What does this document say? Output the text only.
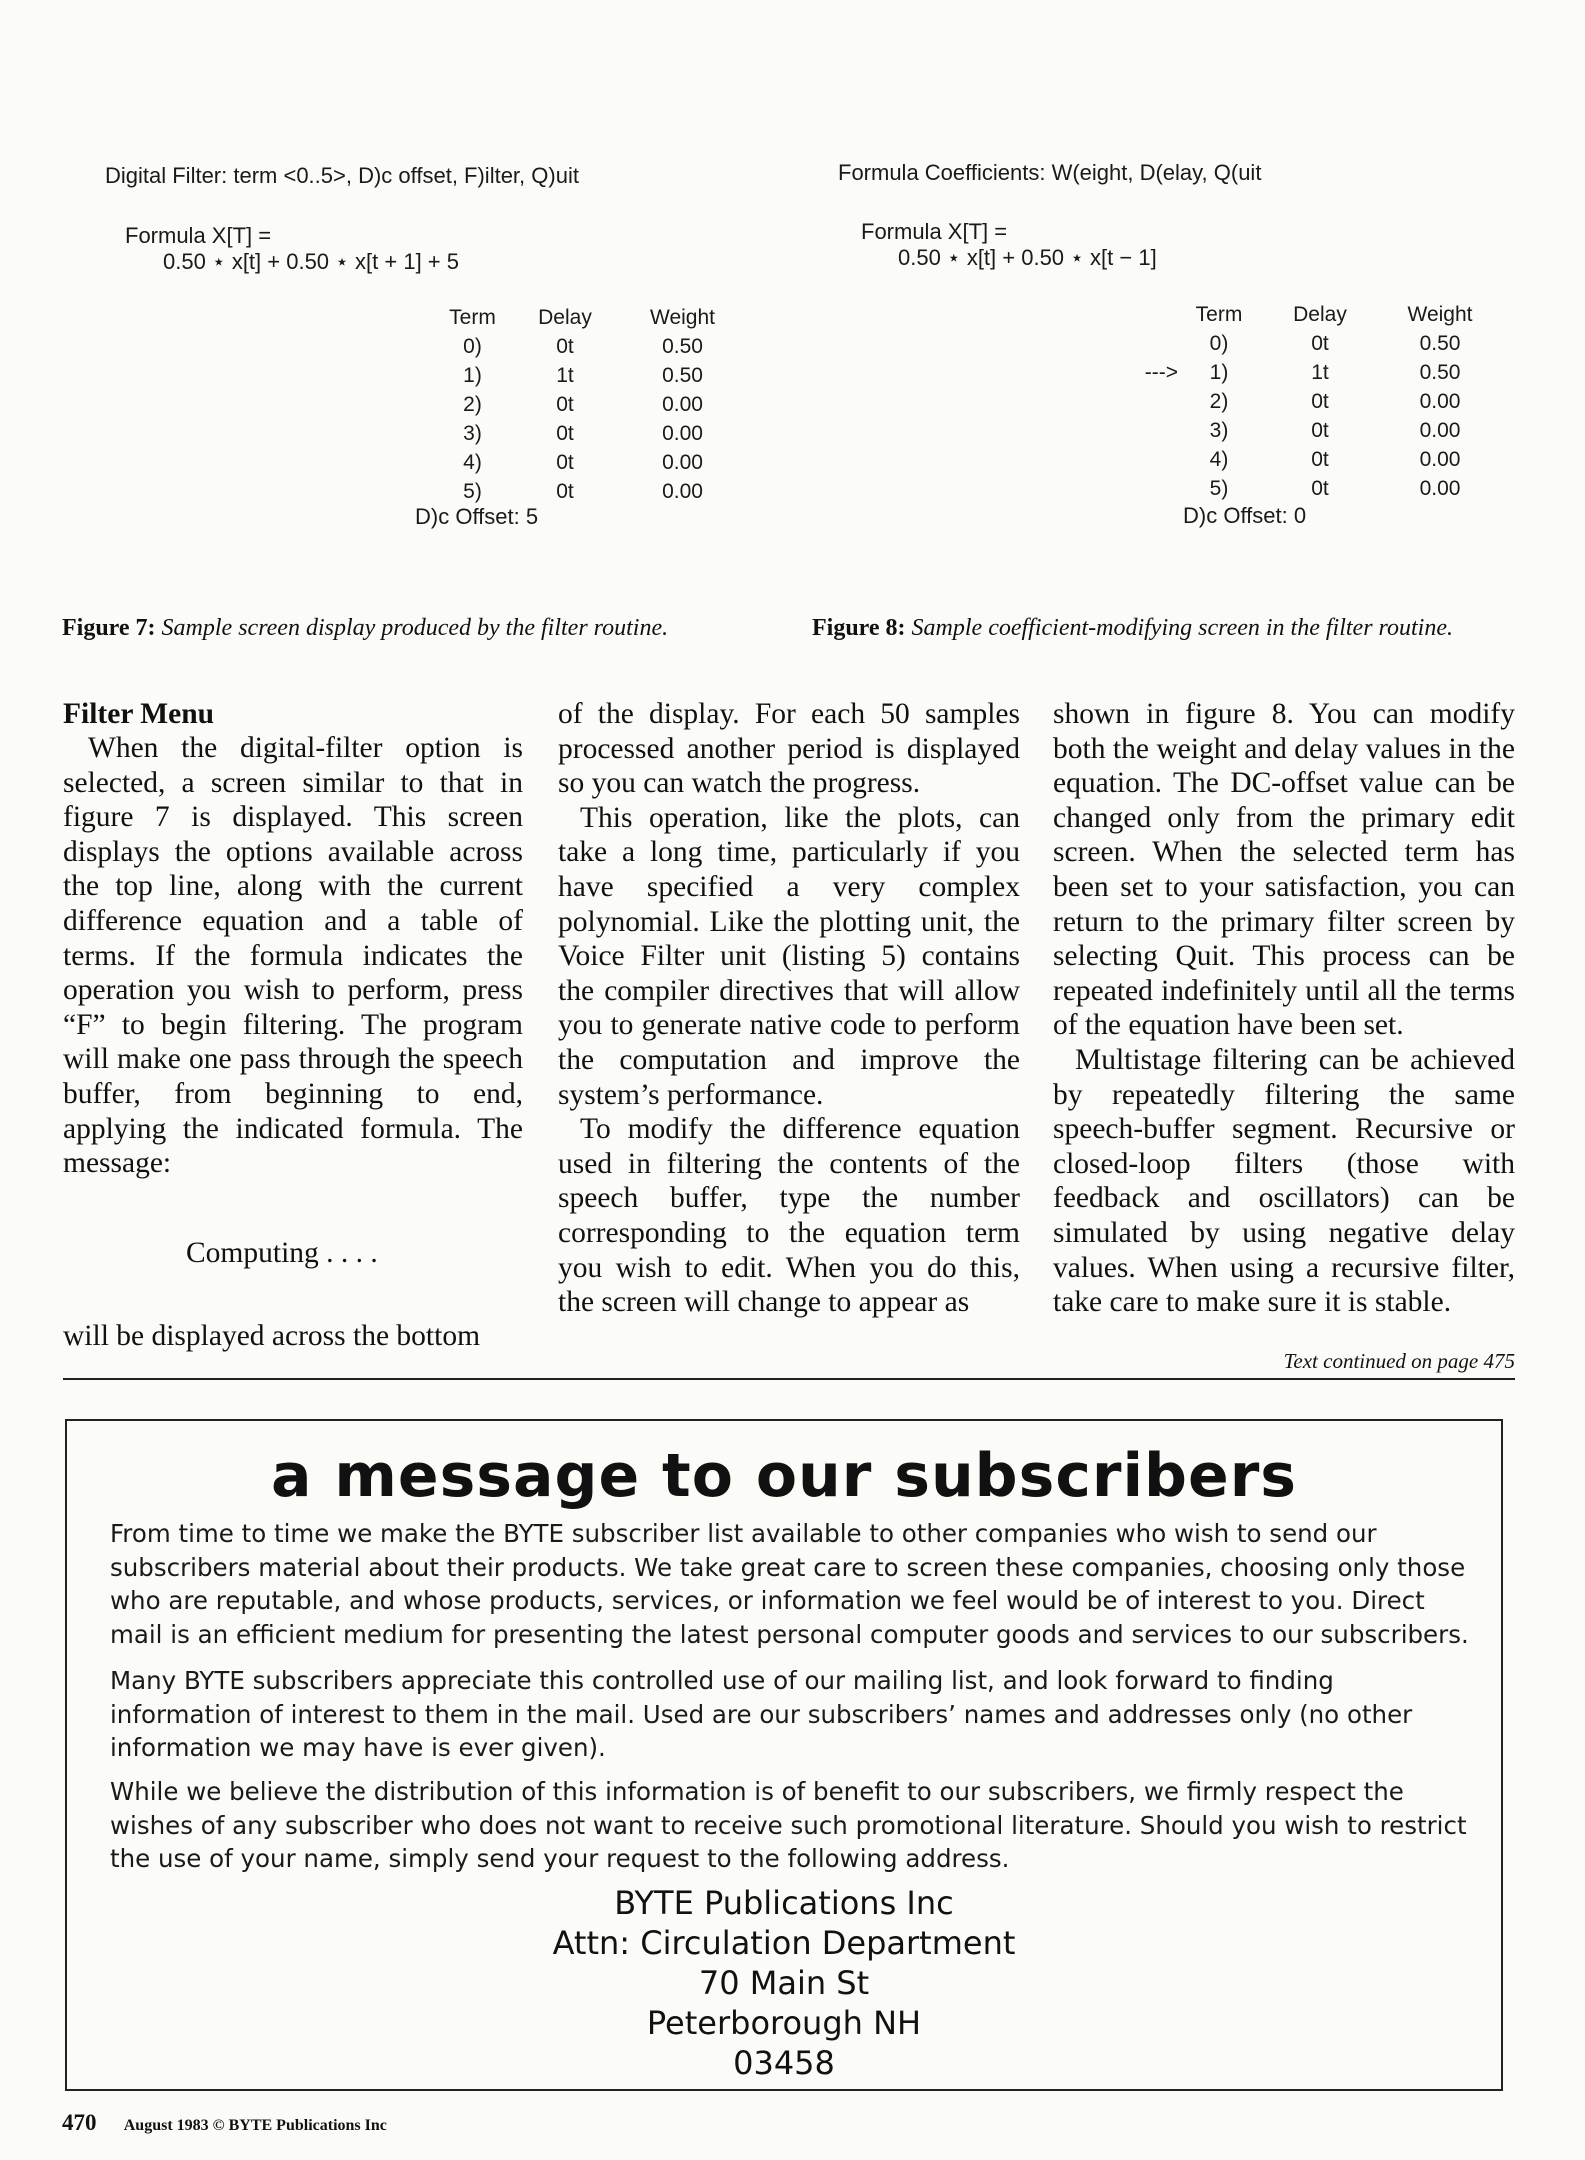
Digital Filter: term <0..5>, D)c offset, F)ilter, Q)uit
Formula X[T] =
0.50 ⋆ x[t] + 0.50 ⋆ x[t + 1] + 5
	Term	Delay	Weight
	0)	0t	0.50
	1)	1t	0.50
	2)	0t	0.00
	3)	0t	0.00
	4)	0t	0.00
	5)	0t	0.00
D)c Offset: 5
Formula Coefficients: W(eight, D(elay, Q(uit
Formula X[T] =
0.50 ⋆ x[t] + 0.50 ⋆ x[t − 1]
	Term	Delay	Weight
	0)	0t	0.50
--->	1)	1t	0.50
	2)	0t	0.00
	3)	0t	0.00
	4)	0t	0.00
	5)	0t	0.00
D)c Offset: 0
Figure 7: Sample screen display produced by the filter routine.	Figure 8: Sample coefficient-modifying screen in the filter routine.
Filter Menu

When the digital-filter option is selected, a screen similar to that in figure 7 is displayed. This screen displays the options available across the top line, along with the current difference equation and a table of terms. If the formula indicates the operation you wish to perform, press “F” to begin filtering. The program will make one pass through the speech buffer, from beginning to end, applying the indicated formula. The message:

Computing . . . .

will be displayed across the bottom

of the display. For each 50 samples processed another period is displayed so you can watch the progress.

This operation, like the plots, can take a long time, particularly if you have specified a very complex polynomial. Like the plotting unit, the Voice Filter unit (listing 5) contains the compiler directives that will allow you to generate native code to perform the computation and improve the system’s performance.

To modify the difference equation used in filtering the contents of the speech buffer, type the number corresponding to the equation term you wish to edit. When you do this, the screen will change to appear as

shown in figure 8. You can modify both the weight and delay values in the equation. The DC-offset value can be changed only from the primary edit screen. When the selected term has been set to your satisfaction, you can return to the primary filter screen by selecting Quit. This process can be repeated indefinitely until all the terms of the equation have been set.

Multistage filtering can be achieved by repeatedly filtering the same speech-buffer segment. Recursive or closed-loop filters (those with feedback and oscillators) can be simulated by using negative delay values. When using a recursive filter, take care to make sure it is stable.

Text continued on page 475
a message to our subscribers
From time to time we make the BYTE subscriber list available to other companies who wish to send our subscribers material about their products. We take great care to screen these companies, choosing only those who are reputable, and whose products, services, or information we feel would be of interest to you. Direct mail is an efficient medium for presenting the latest personal computer goods and services to our subscribers.
Many BYTE subscribers appreciate this controlled use of our mailing list, and look forward to finding information of interest to them in the mail. Used are our subscribers’ names and addresses only (no other information we may have is ever given).
While we believe the distribution of this information is of benefit to our subscribers, we firmly respect the wishes of any subscriber who does not want to receive such promotional literature. Should you wish to restrict the use of your name, simply send your request to the following address.
BYTE Publications Inc
Attn: Circulation Department
70 Main St
Peterborough NH
03458
470 August 1983 © BYTE Publications Inc
